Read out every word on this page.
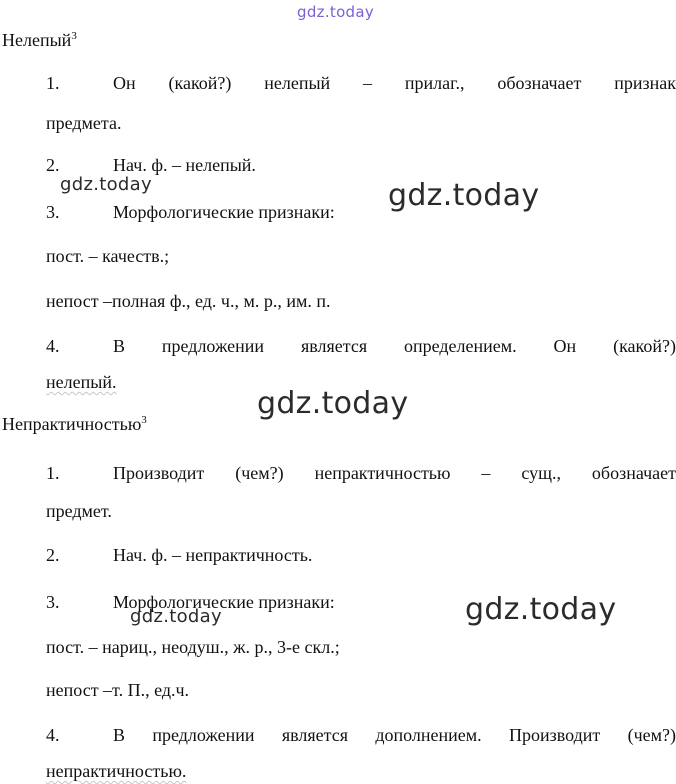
gdz.today
gdz.today	gdz.today
gdz.today
gdz.today	gdz.today
Нелепый$^3$
1.	Он (какой?) нелепый – прилаг., обозначает признак
предмета.
2.	Нач. ф. – нелепый.
3.	Морфологические признаки:
пост. – качеств.;
непост –полная ф., ед. ч., м. р., им. п.
4.	В предложении является определением. Он (какой?)
нелепый.
Непрактичностью$^3$
1.	Производит (чем?) непрактичностью – сущ., обозначает
предмет.
2.	Нач. ф. – непрактичность.
3.	Морфологические признаки:
пост. – нариц., неодуш., ж. р., 3-е скл.;
непост –т. П., ед.ч.
4.	В предложении является дополнением. Производит (чем?)
непрактичностью.
